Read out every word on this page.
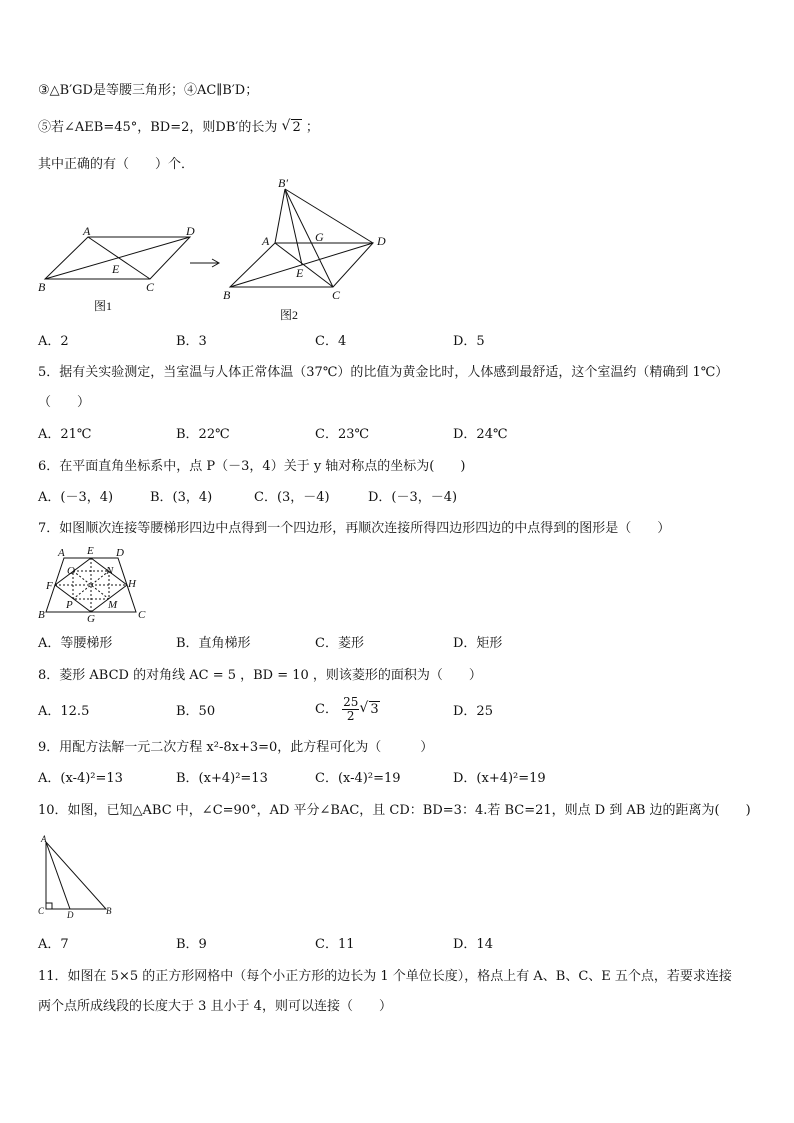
③△B′GD是等腰三角形；④AC∥B′D；
⑤若∠AEB=45°，BD=2，则DB′的长为 √ 2 ；
其中正确的有（　　）个．
A	D
E
B	C
B′
A	G	D
E
B	C
图1
图2
A．2	B．3	C．4	D．5
5．据有关实验测定，当室温与人体正常体温（37℃）的比值为黄金比时，人体感到最舒适，这个室温约（精确到 1℃）
（　　）
A．21℃	B．22℃	C．23℃	D．24℃
6．在平面直角坐标系中，点 P（－3，4）关于 y 轴对称点的坐标为(　　)
A．(－3，4)	B．(3，4)	C．(3，－4)	D．(－3，－4)
7．如图顺次连接等腰梯形四边中点得到一个四边形，再顺次连接所得四边形四边的中点得到的图形是（　　）
A E D
O	N
F	H
P	M
B	G	C
A．等腰梯形	B．直角梯形	C．菱形	D．矩形
8．菱形 ABCD 的对角线 AC = 5 ，BD = 10 ，则该菱形的面积为（　　）
A．12.5	B．50	C． $\frac{25}{2}$ √ 3	D．25
9．用配方法解一元二次方程 x²-8x+3=0，此方程可化为（　　　）
A．(x-4)²=13	B．(x+4)²=13	C．(x-4)²=19	D．(x+4)²=19
10．如图，已知△ABC 中，∠C=90°，AD 平分∠BAC，且 CD：BD=3：4.若 BC=21，则点 D 到 AB 边的距离为(　　)
A
C	D	B
A．7	B．9	C．11	D．14
11．如图在 5×5 的正方形网格中（每个小正方形的边长为 1 个单位长度），格点上有 A、B、C、E 五个点，若要求连接
两个点所成线段的长度大于 3 且小于 4，则可以连接（　　）
